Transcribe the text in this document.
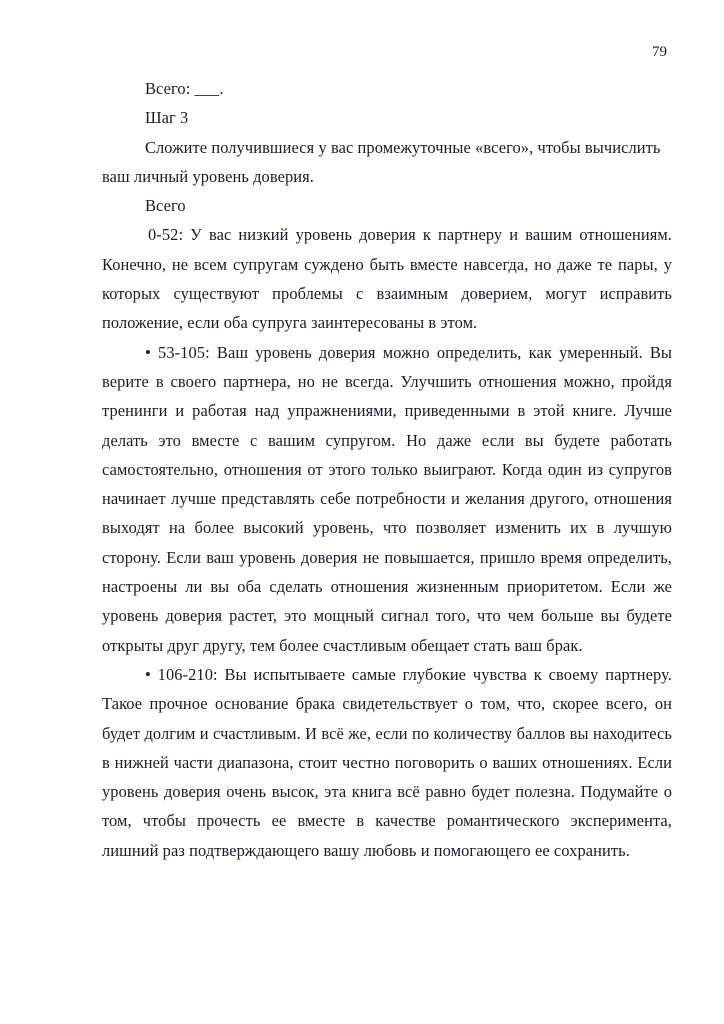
79

Всего: ___.

Шаг 3

Сложите получившиеся у вас промежуточные «всего», чтобы вычислить ваш личный уровень доверия.

Всего

0-52: У вас низкий уровень доверия к партнеру и вашим отношениям. Конечно, не всем супругам суждено быть вместе навсегда, но даже те пары, у которых существуют проблемы с взаимным доверием, могут исправить положение, если оба супруга заинтересованы в этом.

• 53-105: Ваш уровень доверия можно определить, как умеренный. Вы верите в своего партнера, но не всегда. Улучшить отношения можно, пройдя тренинги и работая над упражнениями, приведенными в этой книге. Лучше делать это вместе с вашим супругом. Но даже если вы будете работать самостоятельно, отношения от этого только выиграют. Когда один из супругов начинает лучше представлять себе потребности и желания другого, отношения выходят на более высокий уровень, что позволяет изменить их в лучшую сторону. Если ваш уровень доверия не повышается, пришло время определить, настроены ли вы оба сделать отношения жизненным приоритетом. Если же уровень доверия растет, это мощный сигнал того, что чем больше вы будете открыты друг другу, тем более счастливым обещает стать ваш брак.

• 106-210: Вы испытываете самые глубокие чувства к своему партнеру. Такое прочное основание брака свидетельствует о том, что, скорее всего, он будет долгим и счастливым. И всё же, если по количеству баллов вы находитесь в нижней части диапазона, стоит честно поговорить о ваших отношениях. Если уровень доверия очень высок, эта книга всё равно будет полезна. Подумайте о том, чтобы прочесть ее вместе в качестве романтического эксперимента, лишний раз подтверждающего вашу любовь и помогающего ее сохранить.
